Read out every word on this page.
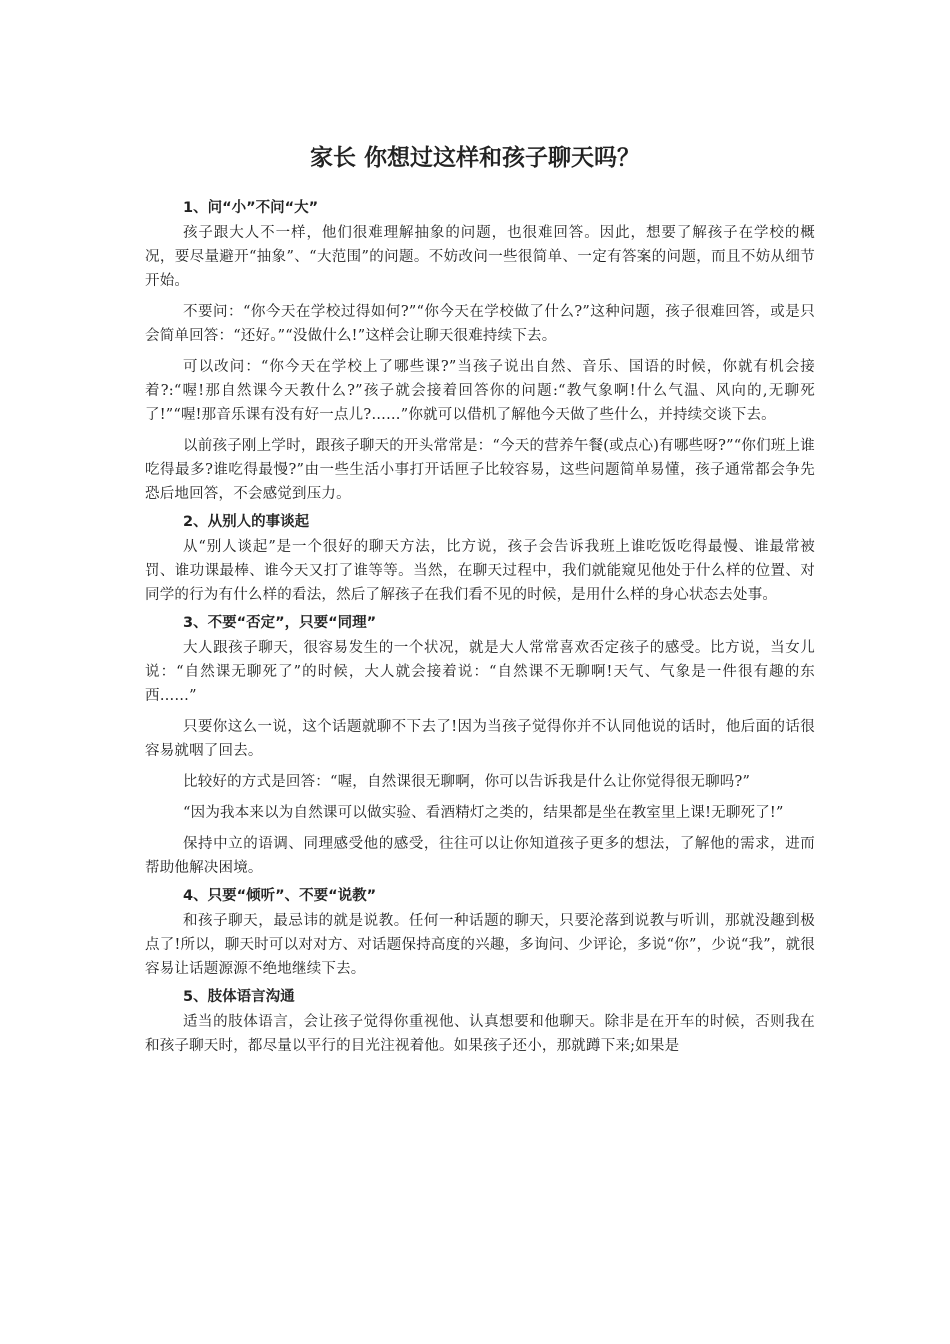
家长 你想过这样和孩子聊天吗？
1、问“小”不问“大”

孩子跟大人不一样，他们很难理解抽象的问题，也很难回答。因此，想要了解孩子在学校的概况，要尽量避开“抽象”、“大范围”的问题。不妨改问一些很简单、一定有答案的问题，而且不妨从细节开始。

不要问：“你今天在学校过得如何?”“你今天在学校做了什么?”这种问题，孩子很难回答，或是只会简单回答：“还好。”“没做什么!”这样会让聊天很难持续下去。

可以改问：“你今天在学校上了哪些课?”当孩子说出自然、音乐、国语的时候，你就有机会接着?:“喔!那自然课今天教什么?”孩子就会接着回答你的问题:“教气象啊!什么气温、风向的,无聊死了!”“喔!那音乐课有没有好一点儿?……”你就可以借机了解他今天做了些什么，并持续交谈下去。

以前孩子刚上学时，跟孩子聊天的开头常常是：“今天的营养午餐(或点心)有哪些呀?”“你们班上谁吃得最多?谁吃得最慢?”由一些生活小事打开话匣子比较容易，这些问题简单易懂，孩子通常都会争先恐后地回答，不会感觉到压力。

2、从别人的事谈起

从“别人谈起”是一个很好的聊天方法，比方说，孩子会告诉我班上谁吃饭吃得最慢、谁最常被罚、谁功课最棒、谁今天又打了谁等等。当然，在聊天过程中，我们就能窥见他处于什么样的位置、对同学的行为有什么样的看法，然后了解孩子在我们看不见的时候，是用什么样的身心状态去处事。

3、不要“否定”，只要“同理”

大人跟孩子聊天，很容易发生的一个状况，就是大人常常喜欢否定孩子的感受。比方说，当女儿说：“自然课无聊死了”的时候，大人就会接着说：“自然课不无聊啊!天气、气象是一件很有趣的东西……”

只要你这么一说，这个话题就聊不下去了!因为当孩子觉得你并不认同他说的话时，他后面的话很容易就咽了回去。

比较好的方式是回答：“喔，自然课很无聊啊，你可以告诉我是什么让你觉得很无聊吗?”

“因为我本来以为自然课可以做实验、看酒精灯之类的，结果都是坐在教室里上课!无聊死了!”

保持中立的语调、同理感受他的感受，往往可以让你知道孩子更多的想法，了解他的需求，进而帮助他解决困境。

4、只要“倾听”、不要“说教”

和孩子聊天，最忌讳的就是说教。任何一种话题的聊天，只要沦落到说教与听训，那就没趣到极点了!所以，聊天时可以对对方、对话题保持高度的兴趣，多询问、少评论，多说“你”，少说“我”，就很容易让话题源源不绝地继续下去。

5、肢体语言沟通

适当的肢体语言，会让孩子觉得你重视他、认真想要和他聊天。除非是在开车的时候，否则我在和孩子聊天时，都尽量以平行的目光注视着他。如果孩子还小，那就蹲下来;如果是
